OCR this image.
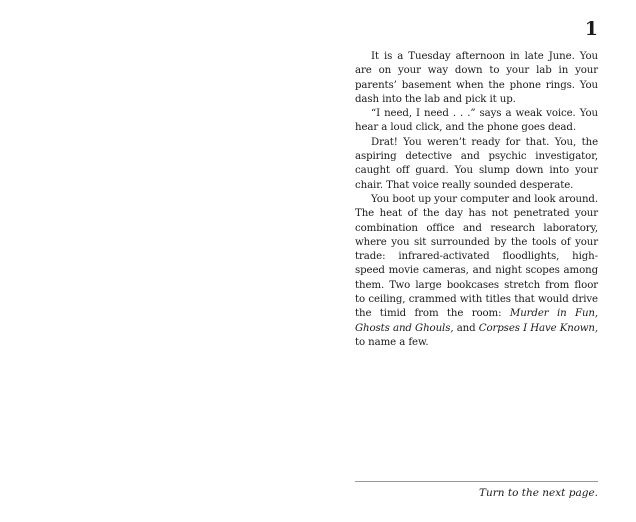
1

It is a Tuesday afternoon in late June. You are on your way down to your lab in your parents’ basement when the phone rings. You dash into the lab and pick it up.

“I need, I need . . .” says a weak voice. You hear a loud click, and the phone goes dead.

Drat! You weren’t ready for that. You, the aspiring detective and psychic investigator, caught off guard. You slump down into your chair. That voice really sounded desperate.

You boot up your computer and look around. The heat of the day has not penetrated your combination office and research laboratory, where you sit surrounded by the tools of your trade: infrared-activated floodlights, high-speed movie cameras, and night scopes among them. Two large bookcases stretch from floor to ceiling, crammed with titles that would drive the timid from the room: Murder in Fun, Ghosts and Ghouls, and Corpses I Have Known, to name a few.

Turn to the next page.
